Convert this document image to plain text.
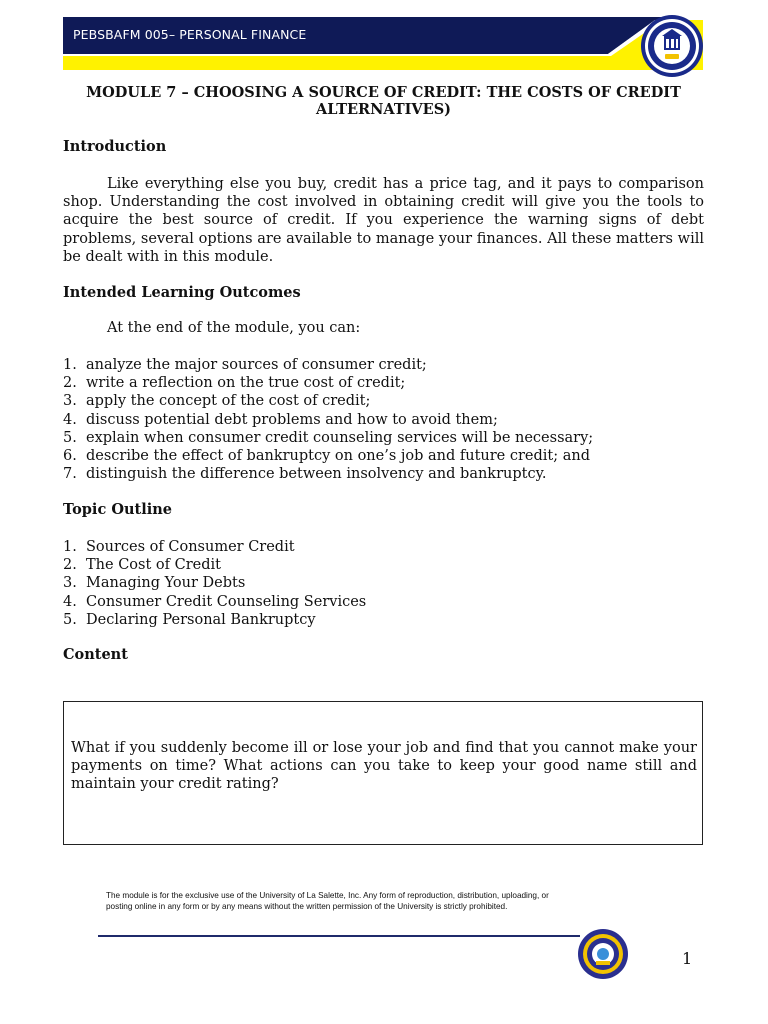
PEBSBAFM 005– PERSONAL FINANCE
MODULE 7 – CHOOSING A SOURCE OF CREDIT: THE COSTS OF CREDIT ALTERNATIVES)
Introduction
Like everything else you buy, credit has a price tag, and it pays to comparison shop. Understanding the cost involved in obtaining credit will give you the tools to acquire the best source of credit. If you experience the warning signs of debt problems, several options are available to manage your finances. All these matters will be dealt with in this module.
Intended Learning Outcomes
At the end of the module, you can:
1. analyze the major sources of consumer credit;
2. write a reflection on the true cost of credit;
3. apply the concept of the cost of credit;
4. discuss potential debt problems and how to avoid them;
5. explain when consumer credit counseling services will be necessary;
6. describe the effect of bankruptcy on one’s job and future credit; and
7. distinguish the difference between insolvency and bankruptcy.
Topic Outline
1. Sources of Consumer Credit
2. The Cost of Credit
3. Managing Your Debts
4. Consumer Credit Counseling Services
5. Declaring Personal Bankruptcy
Content
What if you suddenly become ill or lose your job and find that you cannot make your payments on time? What actions can you take to keep your good name still and maintain your credit rating?
The module is for the exclusive use of the University of La Salette, Inc. Any form of reproduction, distribution, uploading, or
posting online in any form or by any means without the written permission of the University is strictly prohibited.
1
